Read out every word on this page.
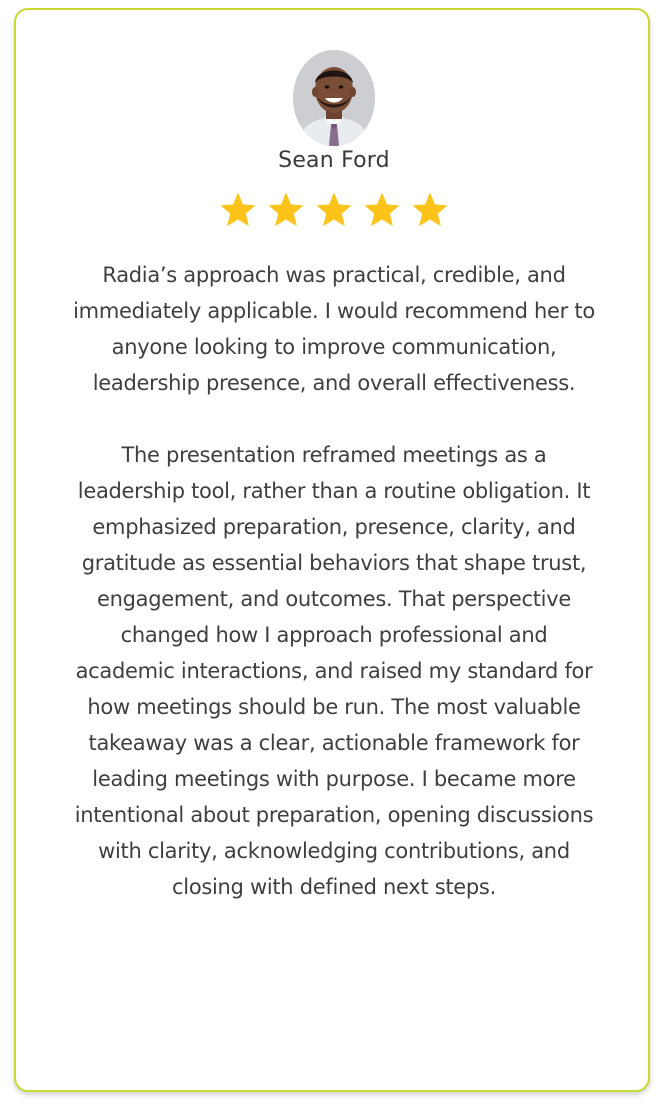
Sean Ford

Radia’s approach was practical, credible, and immediately applicable. I would recommend her to anyone looking to improve communication, leadership presence, and overall effectiveness.

The presentation reframed meetings as a leadership tool, rather than a routine obligation. It emphasized preparation, presence, clarity, and gratitude as essential behaviors that shape trust, engagement, and outcomes. That perspective changed how I approach professional and academic interactions, and raised my standard for how meetings should be run. The most valuable takeaway was a clear, actionable framework for leading meetings with purpose. I became more intentional about preparation, opening discussions with clarity, acknowledging contributions, and closing with defined next steps.
